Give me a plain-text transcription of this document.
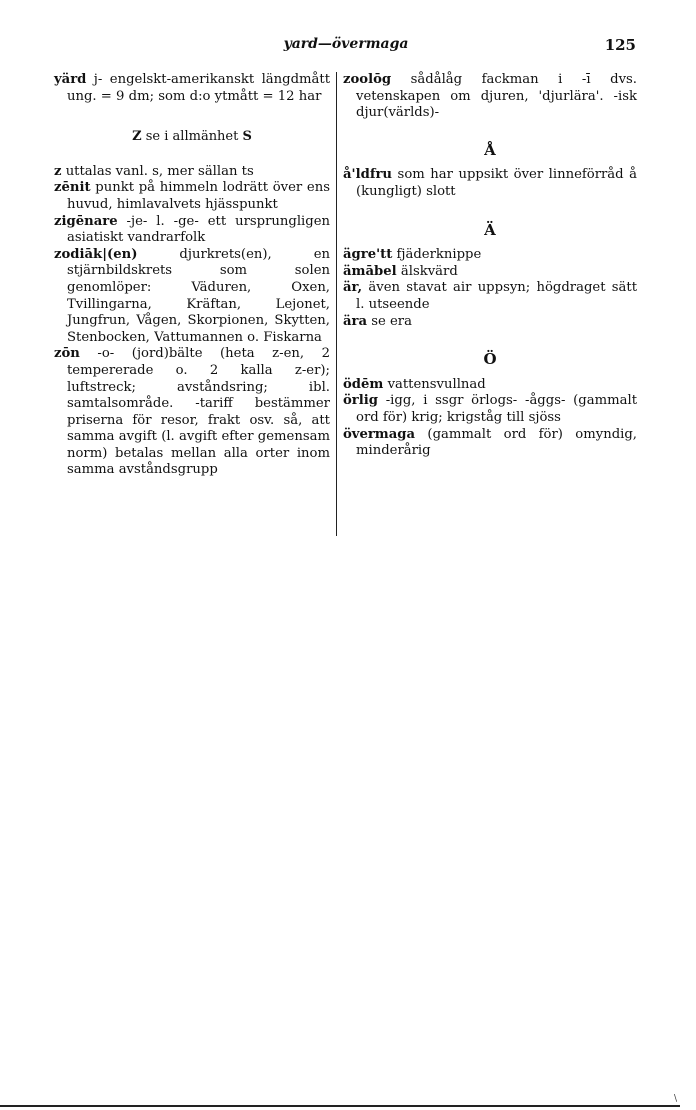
yard—övermaga	125

yärd j- engelskt-amerikanskt längdmått ung. = 9 dm; som d:o ytmått = 12 har

Z se i allmänhet S

z uttalas vanl. s, mer sällan ts

zēnit punkt på himmeln lodrätt över ens huvud, himlavalvets hjässpunkt

zigēnare -je- l. -ge- ett ursprungligen asiatiskt vandrarfolk

zodiāk|(en) djurkrets(en), en stjärnbildskrets som solen genomlöper: Väduren, Oxen, Tvillingarna, Kräftan, Lejonet, Jungfrun, Vågen, Skorpionen, Skytten, Stenbocken, Vattumannen o. Fiskarna

zōn -o- (jord)bälte (heta z-en, 2 tempererade o. 2 kalla z-er); luftstreck; avståndsring; ibl. samtalsområde. -tariff bestämmer priserna för resor, frakt osv. så, att samma avgift (l. avgift efter gemensam norm) betalas mellan alla orter inom samma avståndsgrupp

zoolōg sådålåg fackman i -ī dvs. vetenskapen om djuren, 'djurlära'. -isk djur(världs)-

Å

å'ldfru som har uppsikt över linneförråd å (kungligt) slott

Ä

ägre'tt fjäderknippe

ämābel älskvärd

är, även stavat air uppsyn; högdraget sätt l. utseende

ära se era

Ö

ödēm vattensvullnad

örlig -igg, i ssgr örlogs- -åggs- (gammalt ord för) krig; krigståg till sjöss

övermaga (gammalt ord för) omyndig, minderårig

\
